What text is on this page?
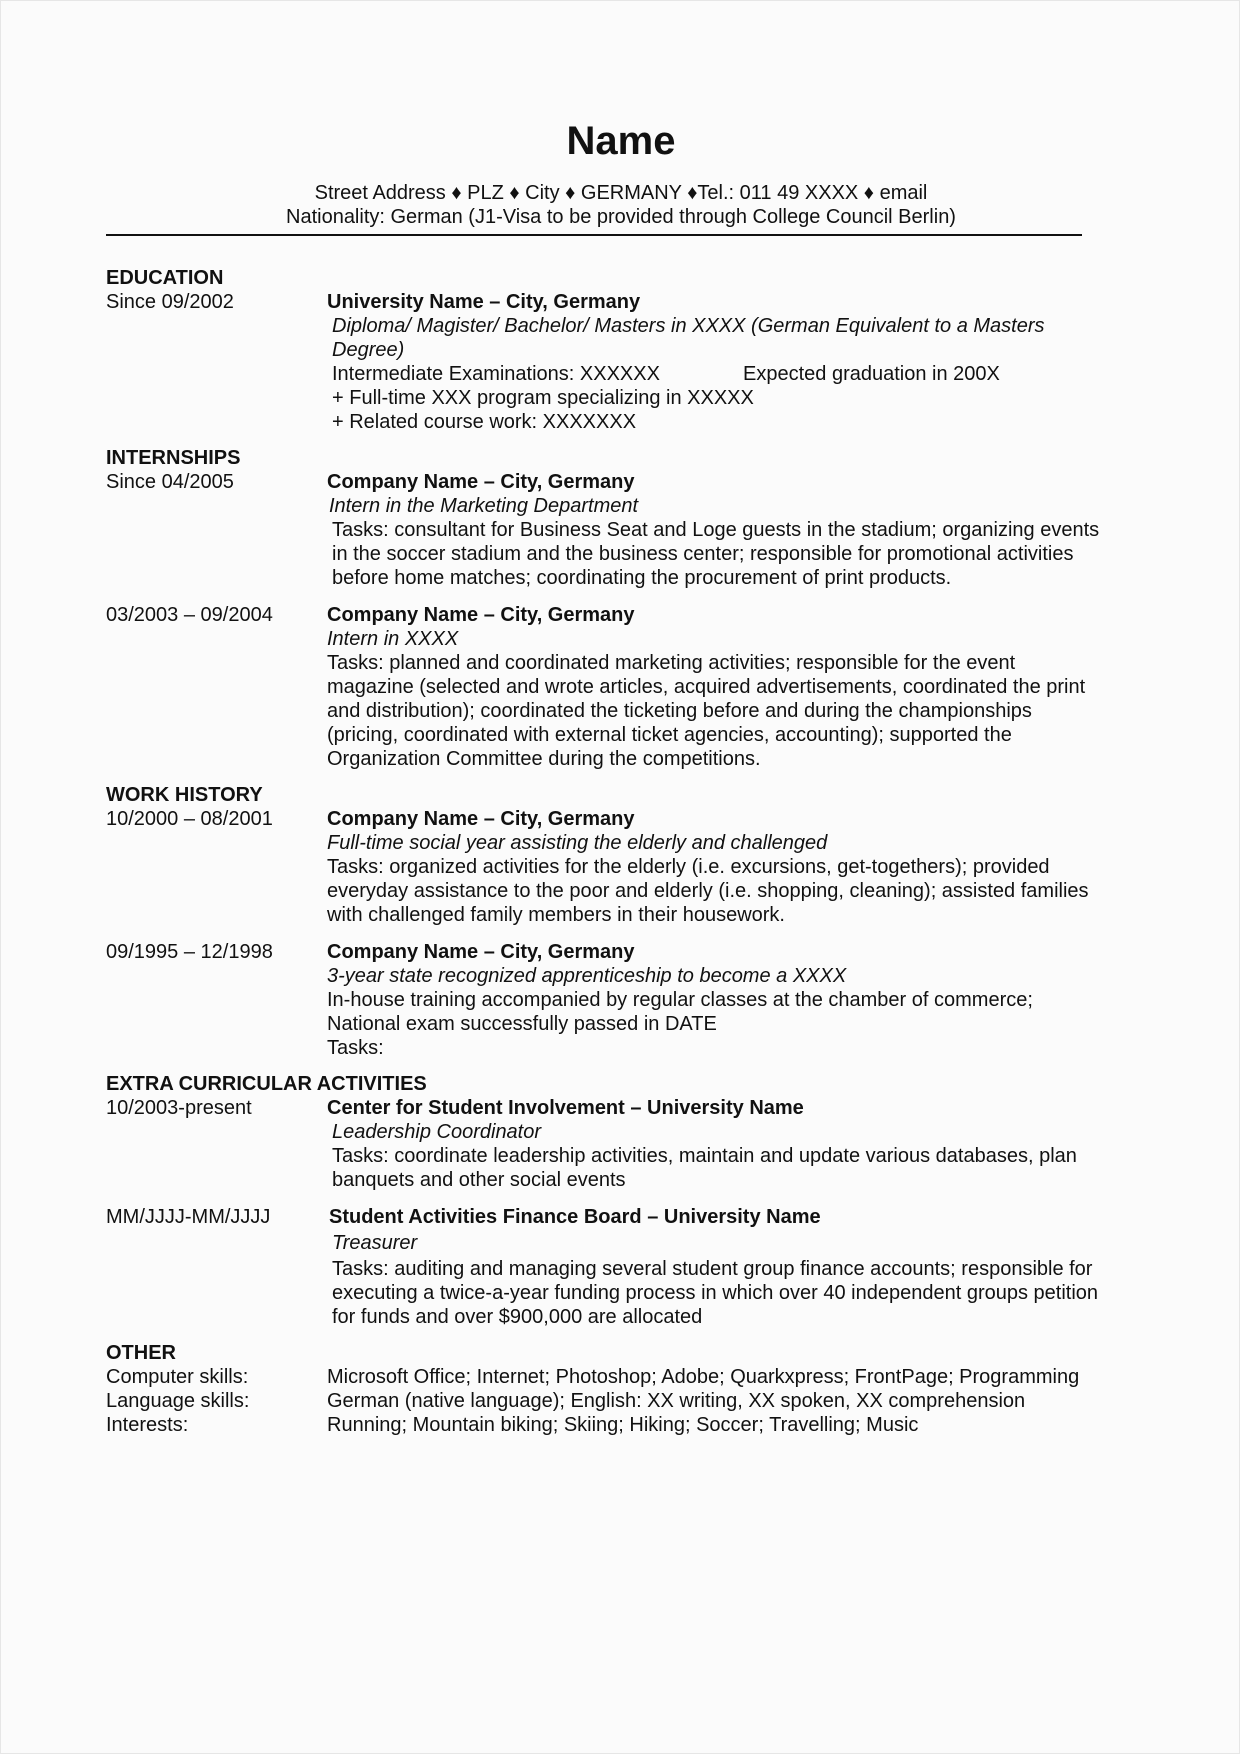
Name
Street Address ♦ PLZ ♦ City ♦ GERMANY ♦Tel.: 011 49 XXXX ♦ email
Nationality: German (J1-Visa to be provided through College Council Berlin)
EDUCATION
Since 09/2002	University Name – City, Germany
Diploma/ Magister/ Bachelor/ Masters in XXXX (German Equivalent to a Masters
Degree)
Intermediate Examinations: XXXXXX	Expected graduation in 200X
+ Full-time XXX program specializing in XXXXX
+ Related course work: XXXXXXX
INTERNSHIPS
Since 04/2005	Company Name – City, Germany
Intern in the Marketing Department
Tasks: consultant for Business Seat and Loge guests in the stadium; organizing events
in the soccer stadium and the business center; responsible for promotional activities
before home matches; coordinating the procurement of print products.
03/2003 – 09/2004	Company Name – City, Germany
Intern in XXXX
Tasks: planned and coordinated marketing activities; responsible for the event
magazine (selected and wrote articles, acquired advertisements, coordinated the print
and distribution); coordinated the ticketing before and during the championships
(pricing, coordinated with external ticket agencies, accounting); supported the
Organization Committee during the competitions.
WORK HISTORY
10/2000 – 08/2001	Company Name – City, Germany
Full-time social year assisting the elderly and challenged
Tasks: organized activities for the elderly (i.e. excursions, get-togethers); provided
everyday assistance to the poor and elderly (i.e. shopping, cleaning); assisted families
with challenged family members in their housework.
09/1995 – 12/1998	Company Name – City, Germany
3-year state recognized apprenticeship to become a XXXX
In-house training accompanied by regular classes at the chamber of commerce;
National exam successfully passed in DATE
Tasks:
EXTRA CURRICULAR ACTIVITIES
10/2003-present	Center for Student Involvement – University Name
Leadership Coordinator
Tasks: coordinate leadership activities, maintain and update various databases, plan
banquets and other social events
MM/JJJJ-MM/JJJJ	Student Activities Finance Board – University Name
Treasurer
Tasks: auditing and managing several student group finance accounts; responsible for
executing a twice-a-year funding process in which over 40 independent groups petition
for funds and over $900,000 are allocated
OTHER
Computer skills:	Microsoft Office; Internet; Photoshop; Adobe; Quarkxpress; FrontPage; Programming
Language skills:	German (native language); English: XX writing, XX spoken, XX comprehension
Interests:	Running; Mountain biking; Skiing; Hiking; Soccer; Travelling; Music
